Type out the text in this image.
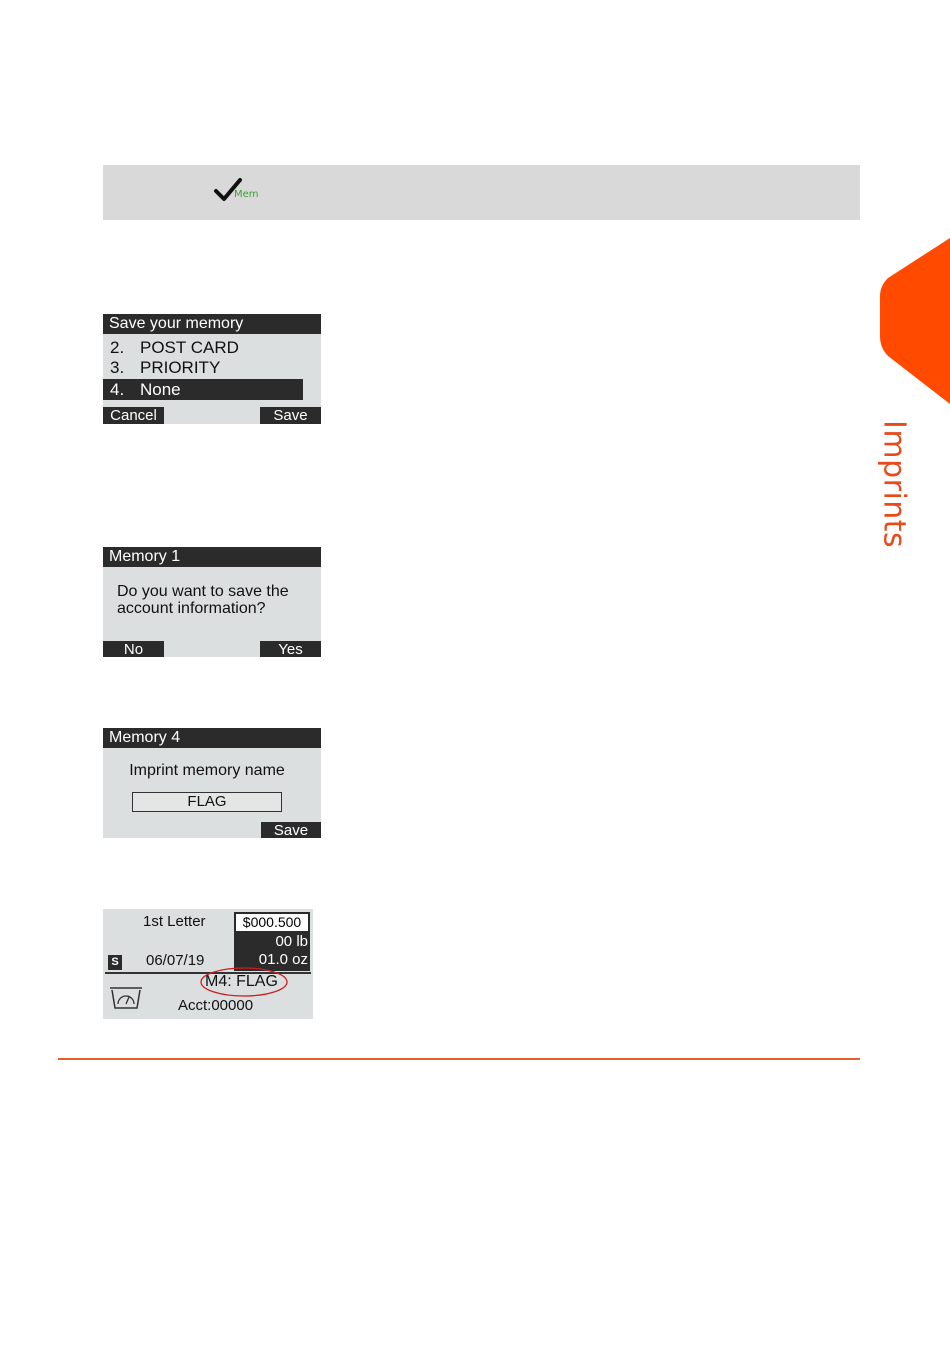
Mem
Save your memory
2. POST CARD
3. PRIORITY
4. None
Cancel	Save
Memory 1
Do you want to save the
account information?
No	Yes
Memory 4
Imprint memory name
FLAG
Save
1st Letter	$000.500
00 lb
01.0 oz
S 06/07/19
M4: FLAG
Acct:00000
Imprints
